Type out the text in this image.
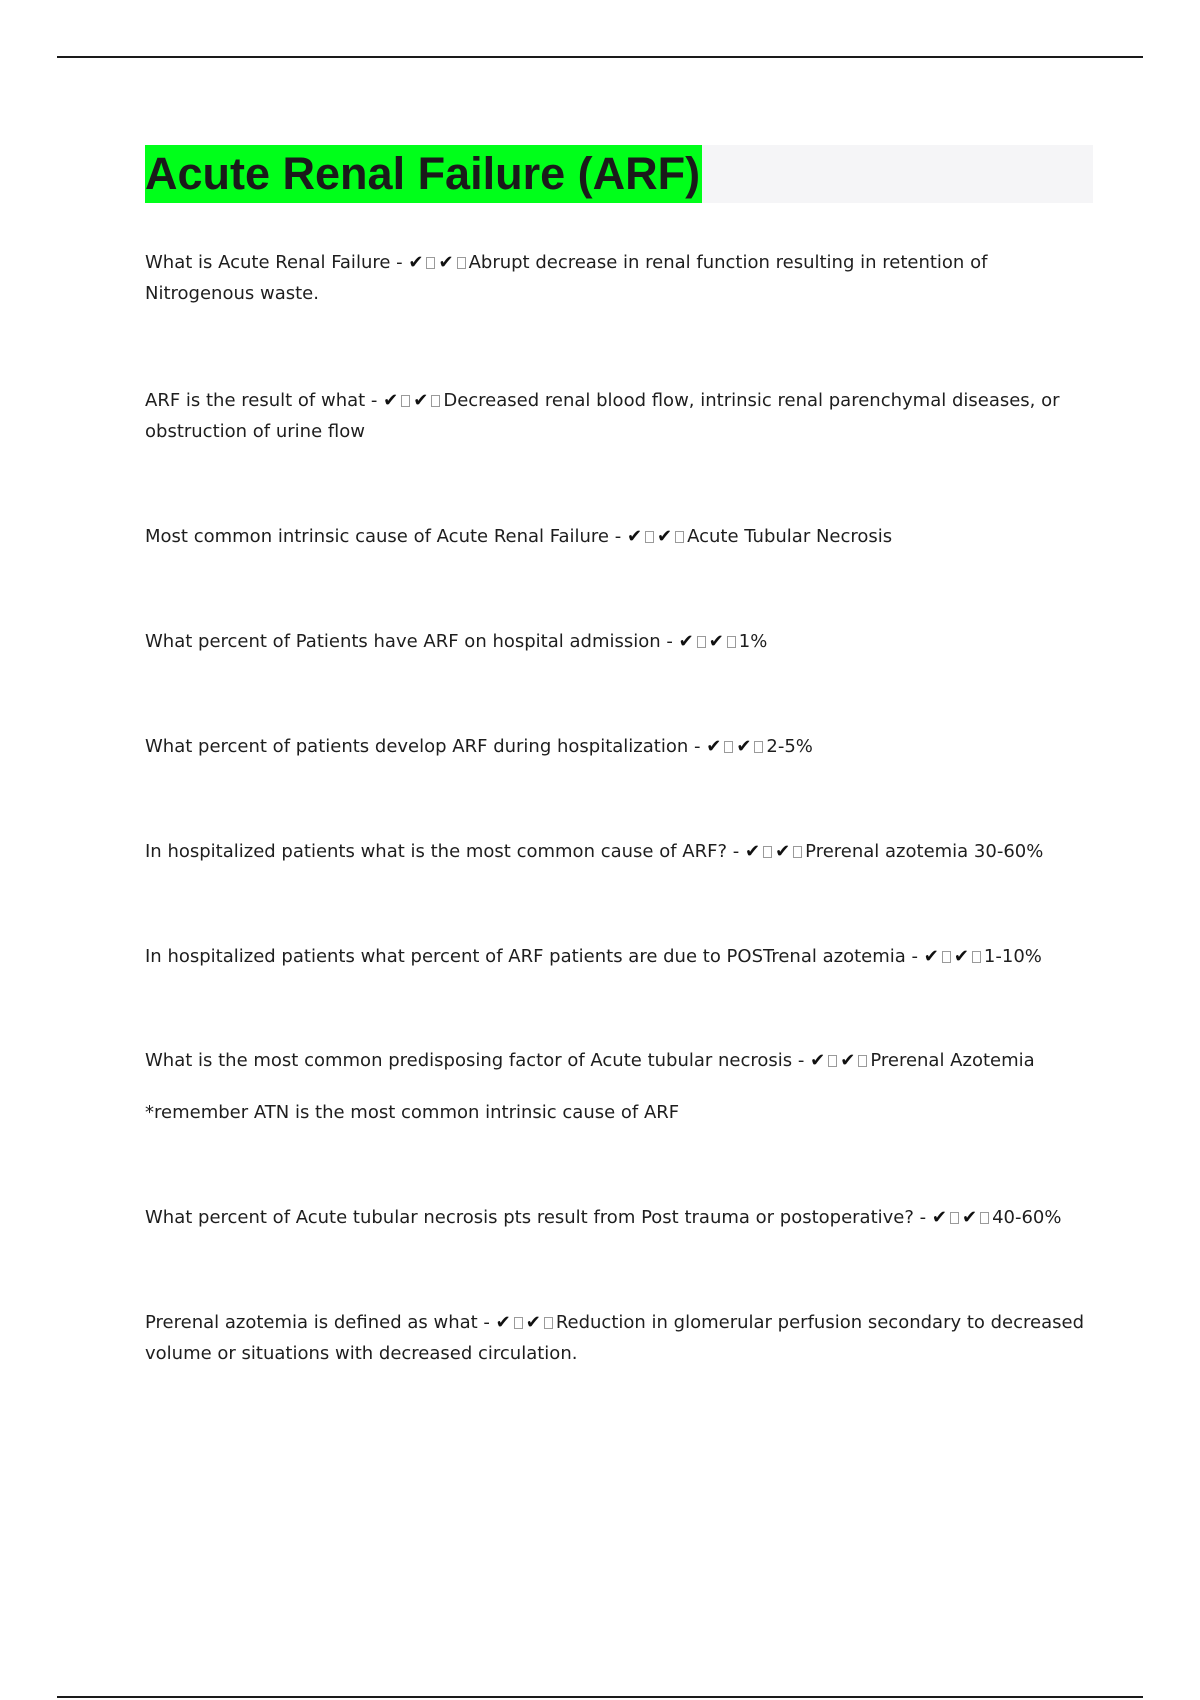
Acute Renal Failure (ARF)

What is Acute Renal Failure - ✔ ✔ Abrupt decrease in renal function resulting in retention of Nitrogenous waste.

ARF is the result of what - ✔ ✔ Decreased renal blood flow, intrinsic renal parenchymal diseases, or obstruction of urine flow

Most common intrinsic cause of Acute Renal Failure - ✔ ✔ Acute Tubular Necrosis

What percent of Patients have ARF on hospital admission - ✔ ✔ 1%

What percent of patients develop ARF during hospitalization - ✔ ✔ 2-5%

In hospitalized patients what is the most common cause of ARF? - ✔ ✔ Prerenal azotemia 30-60%

In hospitalized patients what percent of ARF patients are due to POSTrenal azotemia - ✔ ✔ 1-10%

What is the most common predisposing factor of Acute tubular necrosis - ✔ ✔ Prerenal Azotemia

What percent of Acute tubular necrosis pts result from Post trauma or postoperative? - ✔ ✔ 40-60%

Prerenal azotemia is defined as what - ✔ ✔ Reduction in glomerular perfusion secondary to decreased volume or situations with decreased circulation.

*remember ATN is the most common intrinsic cause of ARF
